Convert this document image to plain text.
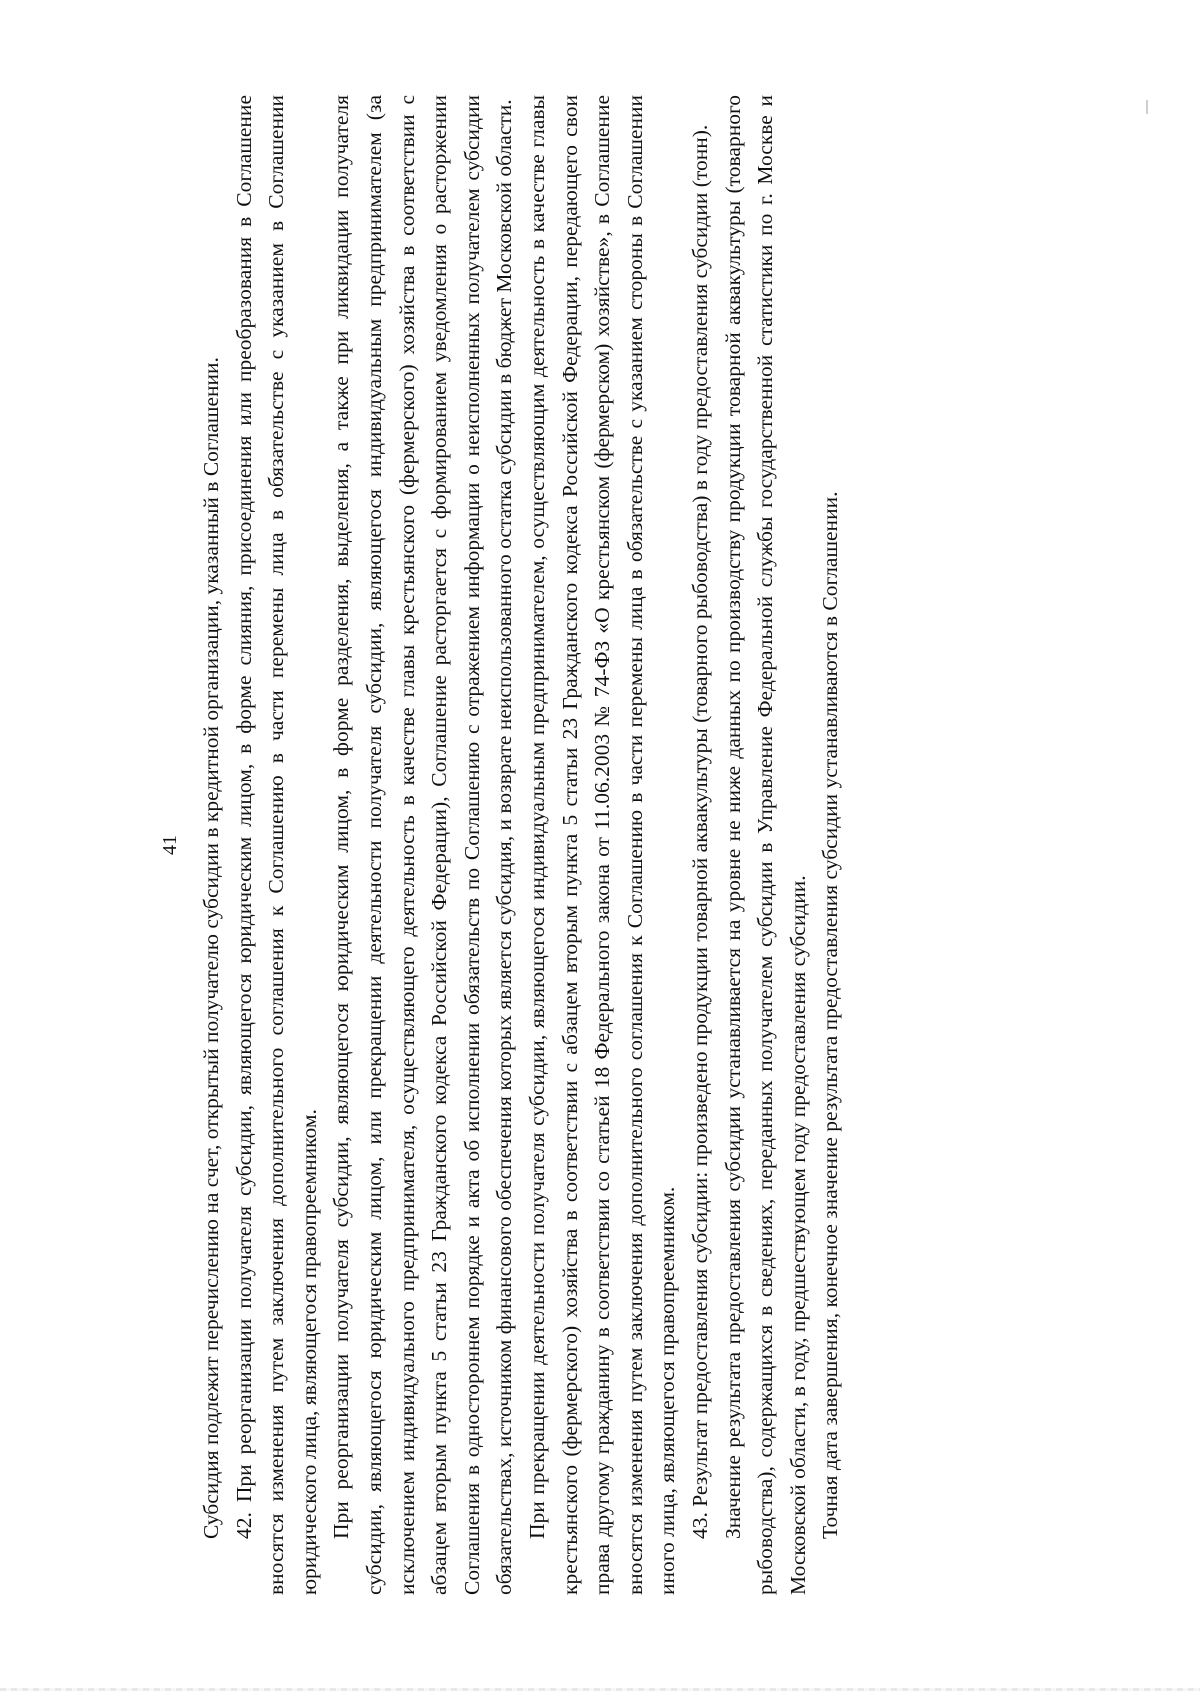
41 Субсидия подлежит перечислению на счет, открытый получателю субсидии в кредитной организации, указанный в Соглашении. 42. При реорганизации получателя субсидии, являющегося юридическим лицом, в форме слияния, присоединения или преобразования в Соглашение вносятся изменения путем заключения дополнительного соглашения к Соглашению в части перемены лица в обязательстве с указанием в Соглашении юридического лица, являющегося правопреемником. При реорганизации получателя субсидии, являющегося юридическим лицом, в форме разделения, выделения, а также при ликвидации получателя субсидии, являющегося юридическим лицом, или прекращении деятельности получателя субсидии, являющегося индивидуальным предпринимателем (за исключением индивидуального предпринимателя, осуществляющего деятельность в качестве главы крестьянского (фермерского) хозяйства в соответствии с абзацем вторым пункта 5 статьи 23 Гражданского кодекса Российской Федерации), Соглашение расторгается с формированием уведомления о расторжении Соглашения в одностороннем порядке и акта об исполнении обязательств по Соглашению с отражением информации о неисполненных получателем субсидии обязательствах, источником финансового обеспечения которых является субсидия, и возврате неиспользованного остатка субсидии в бюджет Московской области. При прекращении деятельности получателя субсидии, являющегося индивидуальным предпринимателем, осуществляющим деятельность в качестве главы крестьянского (фермерского) хозяйства в соответствии с абзацем вторым пункта 5 статьи 23 Гражданского кодекса Российской Федерации, передающего свои права другому гражданину в соответствии со статьей 18 Федерального закона от 11.06.2003 № 74-ФЗ «О крестьянском (фермерском) хозяйстве», в Соглашение вносятся изменения путем заключения дополнительного соглашения к Соглашению в части перемены лица в обязательстве с указанием стороны в Соглашении иного лица, являющегося правопреемником. 43. Результат предоставления субсидии: произведено продукции товарной аквакультуры (товарного рыбоводства) в году предоставления субсидии (тонн). Значение результата предоставления субсидии устанавливается на уровне не ниже данных по производству продукции товарной аквакультуры (товарного рыбоводства), содержащихся в сведениях, переданных получателем субсидии в Управление Федеральной службы государственной статистики по г. Москве и Московской области, в году, предшествующем году предоставления субсидии. Точная дата завершения, конечное значение результата предоставления субсидии устанавливаются в Соглашении.
